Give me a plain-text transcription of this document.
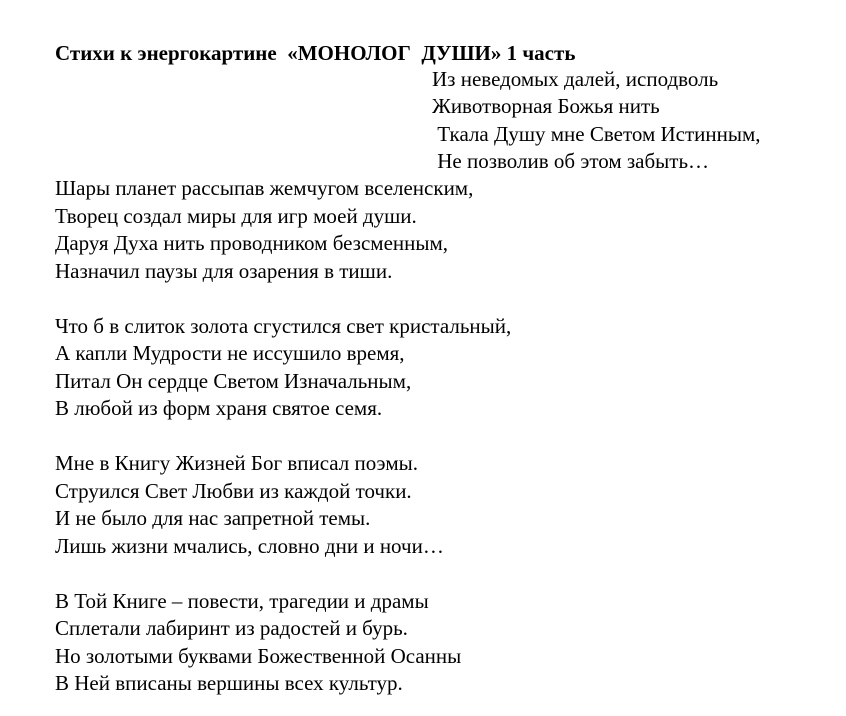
Стихи к энергокартине  «МОНОЛОГ  ДУШИ» 1 часть
Из неведомых далей, исподволь
Животворная Божья нить
Ткала Душу мне Светом Истинным,
Не позволив об этом забыть…
Шары планет рассыпав жемчугом вселенским,
Творец создал миры для игр моей души.
Даруя Духа нить проводником безсменным,
Назначил паузы для озарения в тиши.
Что б в слиток золота сгустился свет кристальный,
А капли Мудрости не иссушило время,
Питал Он сердце Светом Изначальным,
В любой из форм храня святое семя.
Мне в Книгу Жизней Бог вписал поэмы.
Струился Свет Любви из каждой точки.
И не было для нас запретной темы.
Лишь жизни мчались, словно дни и ночи…
В Той Книге – повести, трагедии и драмы
Сплетали лабиринт из радостей и бурь.
Но золотыми буквами Божественной Осанны
В Ней вписаны вершины всех культур.
